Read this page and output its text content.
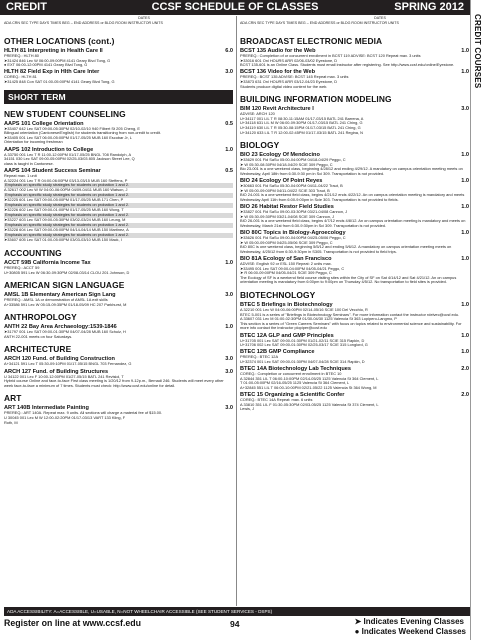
CREDIT	CCSF SCHEDULE OF CLASSES	SPRING 2012
CREDIT COURSES
DATES
ADA CRN SEC TYPE DAYS TIMES BEG – END ADDRESS or BLDG ROOM INSTRUCTOR UNITS
DATES
ADA CRN SEC TYPE DAYS TIMES BEG – END ADDRESS or BLDG ROOM INSTRUCTOR UNITS
OTHER LOCATIONS (cont.)
HLTH 81 Interpreting in Health Care II	6.0
PREREQ.: HLTH 80
➤31424 846 Lec W 06:00-09:00PM 4141 Geary Blvd Tong, G
● EXT 06:00-12:00PM 4141 Geary Blvd Tong, G
HLTH 82 Field Exp in Hlth Care Inter	3.0
COREQ.: HLTH 81
➤31425 848 Con SAT 01:00-05:00PM 4141 Geary Blvd Tong, G
SHORT TERM
NEW STUDENT COUNSELING
AAPS 101 College Orientation	0.5
➤33407 642 Lec SAT 09:00-05:30PM 02/10-02/10 940 Filbert St 205 Cheng, E
Bilingual orientation (Cantonese/English) for students transitioning from non-credit to credit.
➤33405 001 Lec SAT 06:00-05:00PM 01/17-05/25 MUB 160 Escobar Jr, L
Orientation for incoming freshman
AAPS 102 Introduction to College	1.0
A 33750 001 Lec T R 11:00-12:00PM 01/17-05/25 BNGL 708 Randolph, A
34151 030 Lec SAT 09:00-05:00PM 02/25-03/03 805 Jackson Street Lee, Q
class is taught in Cantonese.
AAPS 104 Student Success Seminar	0.5
Repeat max. 1 unit
A 32224 001 Lec T R 04:00-06:00PM 03/13-03/15 MUB 160 Steffens, P
Emphasis on specific study strategies for students on probation 1 and 2.
A 32617 002 Lec W W 04:00-06:00PM 04/09-04/11 MUB 160 Watson, J
Emphasis on specific study strategies for students on probation 1 and 2.
➤32225 601 Lec SAT 09:00-05:00PM 01/17-05/25 MUB 171 Chen, P
Emphasis on specific study strategies for students on probation 1 and 2.
➤32226 602 Lec SAT 09:00-01:00PM 01/17-05/25 MUB 160 Wong, T
Emphasis on specific study strategies for students on probation 1 and 2.
➤33227 603 Lec SAT 09:00-05:30PM 03/02-03/24 MUB 160 Leung, M
Emphasis on specific study strategies for students on probation 1 and 2.
➤33228 604 Lec SAT 09:00-05:00PM 04/14-04/14 MUB 150 Martinez, A
Emphasis on specific study strategies for students on probation 1 and 2.
➤33607 605 Lec SAT 01:00-05:00PM 03/03-03/10 MUB 150 Mack, I
ACCOUNTING
ACCT 59B California Income Tax	1.0
PREREQ.: ACCT 59
U+30805 591 Lec W 06:30-09:30PM 02/08-03/14 CLOU 201 Johnson, D
AMERICAN SIGN LANGUAGE
AMSL 1B Elementary American Sign Lang	3.0
PREREQ.: AMSL 1A or demonstration of AMSL 1A exit skills
A+33586 591 Lec W 05:15-09:35PM 01/18-05/09 HC 207 Parkhurst, M
ANTHROPOLOGY
ANTH 22 Bay Area Archaeology:1539-1846	1.0
➤31797 001 Lec SAT 09:00-01:30PM 04/07-04/28 MUB 160 Schulz, H
ANTH 22-001 meets on four Saturdays.
ARCHITECTURE
ARCH 120 Fund. of Building Construction	3.0
A+34121 591 Lec T 05:30-09:10PM 01/17-05/15 BNGL 703 Fernandez, G
ARCH 127 Fund. of Building Structures	3.0
U 34122 001 Lec F 10:00-12:00PM 01/27-05/15 BATL 241 Revisiol, T
Hybrid course Online and face-to-face First class meeting is 1/20/12 from 9-12p.m., Bernadi 246. Students will meet every other week face-to-face a minimum of 7 times. Students must check: http://www.ccsf.edu/online for detail.
ART
ART 140B Intermediate Painting	3.0
PREREQ.: ART 140A. Repeat max. 9 units. All sections will charge a material fee of $15.00.
U 30045 001 Lec M W 12:00-02:20PM 01/17-03/13 VART 133 Kling, F
Roth, M
BROADCAST ELECTRONIC MEDIA
BCST 135 Audio for the Web	1.0
PREREQ.: Completion of or concurrent enrollment in BCST 119 ADVISE: BCST 120 Repeat max. 3 units
➤33016 601 Onl HOURS ARR 02/06-03/02 Eyestone, D
BCST 135-601 is an Online Class. Students must email instructor after registering. See http://www.ccsf.edu/online/Eyestone.
BCST 136 Video for the Web	1.0
PREREQ.: BCST 135 ADVISE: BCST 145 Repeat max. 3 units
➤33873 631 Onl HOURS ARR 03/12-04/23 Eyestone, D
Students produce digital video content for the web.
BUILDING INFORMATION MODELING
BIM 120 Revit Architecture I	3.0
ADVISE: ARCH 120
U+34117 001 LIL T R 08:30-11:15AM 01/17-03/15 BATL 241 Barrena, A
U+34118 631 LIL M W 06:00-09:30PM 01/17-03/15 BATL 241 Ching, G
U+34119 630 LIL T R 05:30-08:15PM 01/17-03/15 BATL 241 Ching, G
U+34120 633 LIL T R 12:00-02:45PM 01/17-03/15 BATL 241 Regina, N
BIOLOGY
BIO 23 Ecology Of Mendocino	1.0
➤33629 001 Fld SaSu 05:00-04:00PM 04/18-04/29 Peggo, C
➤ W 05:30-08:30PM 04/18-04/29 SCIE 309 Peggo, C
Bio 23-001 is a one weekend class, beginning 4/28/12 and ending 4/29/12. A mandatory on campus orientation meeting meets on Wednesday, April 18th from 6:30-9:30 pm in Sci 309. Transportation is not provided.
BIO 24 Ecology Of Point Reyes	1.0
➤30663 001 Fld SaSu 05:30-04:00PM 04/11-04/22 Traut, B
➤ W 05:00-09:00PM 04/11-04/22 SCIE 303 Traut, B
BIO 24-001 is a one weekend field class, begins 4/21/12 ends 4/22/12. An on campus orientation meeting is mandatory and meets Wednesday April 11th from 6:00-9:00pm in Scie 303. Transportation is not provided to fields.
BIO 26 Habitat Restor Field Studies	1.0
➤33827 001 Fld SaSu 09:00-03:30PM 03/21-04/08 Cannon, J
➤ W 05:30-09:30PM 03/21-04/08 SCIE 309 Cannon, J
BIO 26-001 is a one weekend field class, begins 4/7/12 ends 4/8/12. An on campus orientation meeting is mandatory and meets on Wednesday, March 21st from 6:30-9:30pm in Sci 309. Transportation is not provided.
BIO 80C Topics in Biology-Agroecology	1.0
➤33626 001 Fld SaSu 09:00-04:00PM 04/25-05/06 Peggo, C
➤ W 05:00-09:00PM 04/25-05/06 SCIE 309 Peggo, C
BIO 80C is one weekend class, beginning 5/5/12 and ending 5/6/12. A mandatory on campus orientation meeting meets on Wednesday, 4/25/12 from 6:30-9:30pm in S305. Transportation is not provided to field trips.
BIO 81A Ecology of San Francisco	1.0
ADVISE: English 92 or ESL 150 Repeat: 2 units max.
➤33495 001 Lec SAT 09:00-04:00PM 04/05-04/21 Peggo, C
➤ R 06:00-09:00PM 04/05-04/21 SCIE 309 Peggo, C
The Ecology of SF is a weekend field course visiting sites within the City of SF on Sat 4/14/12 and Sat 4/21/12. An on campus orientation meeting is mandatory from 6:00pm to 9:00pm on Thursday 4/5/12. No transportation to field sites is provided.
BIOTECHNOLOGY
BTEC 5 Briefings in Biotechnology	1.0
A 32210 001 Lec W 04:00-06:00PM 02/14-05/16 SCIE 100 Del Vecchio, R
BTEC 5-001 is a series of "Briefings in Biotechnology Seminars". For more information contact the instructor rdelvec@ccsf.edu.
A 33607 031 Lec M 01:00-02:30PM 01/30-04/30 1125 Valencia St 363 Lopipero-Langmo, P
This section is a series of "Green Careers Seminars" with focus on topics related to environmental science and sustainability. For more info contact the instructor plopiper@ccsf.edu
BTEC 12A GLP and GMP Principles	1.0
U+31705 001 Lec SAT 09:00-01:30PM 01/21-02/11 SCIE 315 Rapkin, D
U+31706 002 Lec SAT 09:00-01:30PM 02/25-03/17 SCIE 315 Longlord, G
BTEC 12B GMP Compliance	1.0
PREREQ.: BTEC 12A
U+32374 001 Lec SAT 09:00-01:30PM 04/07-04/28 SCIE 314 Rapkin, D
BTEC 14A Biotechnology Lab Techniques	2.0
COREQ.: Completion or concurrent enrollment in BTEC 10
A 32844 351 LIL T 06:00-10:00PM 02/14-05/25 1125 Valencia St 364 Clement, L
T 01:00-05:00PM 02/16-05/25 1125 Valencia St 364 Clement, L
A+32845 551 LIL T 06:00-10:00PM 02/21-05/22 1125 Valencia St 364 Wong, M
BTEC 15 Organizing a Scientific Confer	2.0
COREQ.: BTEC 14A Repeat: max. 6 units
A 33810 351 LIL F 01:30-05:30PM 02/03-05/25 1125 Valencia St 374 Clement, L
Lewis, J
ADA ACCESSIBILITY: A=ACCESSIBLE, U=USABLE, N=NOT WHEELCHAIR ACCESSIBLE (SEE STUDENT SERVICES - DSPS)
Register on line at www.ccsf.edu	94	➤ Indicates Evening Classes
● Indicates Weekend Classes
